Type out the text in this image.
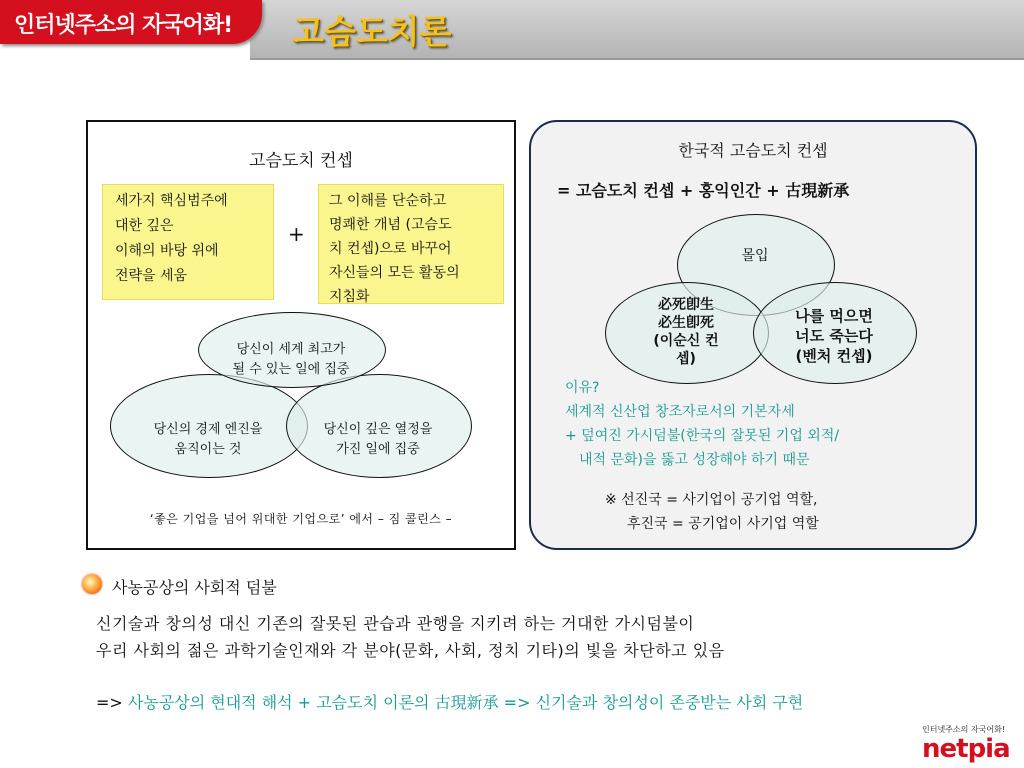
인터넷주소의 자국어화! 고슴도치론
고슴도치 컨셉
세가지 핵심범주에
대한 깊은
이해의 바탕 위에
전략을 세움
+
그 이해를 단순하고
명쾌한 개념 (고슴도
치 컨셉)으로 바꾸어
자신들의 모든 활동의
지침화
당신이 세계 최고가
될 수 있는 일에 집중
당신의 경제 엔진을
움직이는 것
당신이 깊은 열정을
가진 일에 집중
‘좋은 기업을 넘어 위대한 기업으로’ 에서 – 짐 콜린스 –
한국적 고슴도치 컨셉
= 고슴도치 컨셉 + 홍익인간 + 古現新承
몰입
必死卽生
必生卽死
(이순신 컨
셉)
나를 먹으면
너도 죽는다
(벤처 컨셉)
이유?
세계적 신산업 창조자로서의 기본자세
+ 덮여진 가시덤불(한국의 잘못된 기업 외적/
내적 문화)을 뚫고 성장해야 하기 때문
※ 선진국 = 사기업이 공기업 역할,
후진국 = 공기업이 사기업 역할
사농공상의 사회적 덤불
신기술과 창의성 대신 기존의 잘못된 관습과 관행을 지키려 하는 거대한 가시덤불이
우리 사회의 젊은 과학기술인재와 각 분야(문화, 사회, 정치 기타)의 빛을 차단하고 있음
=> 사농공상의 현대적 해석 + 고슴도치 이론의 古現新承 => 신기술과 창의성이 존중받는 사회 구현
인터넷주소의 자국어화!
netpia
